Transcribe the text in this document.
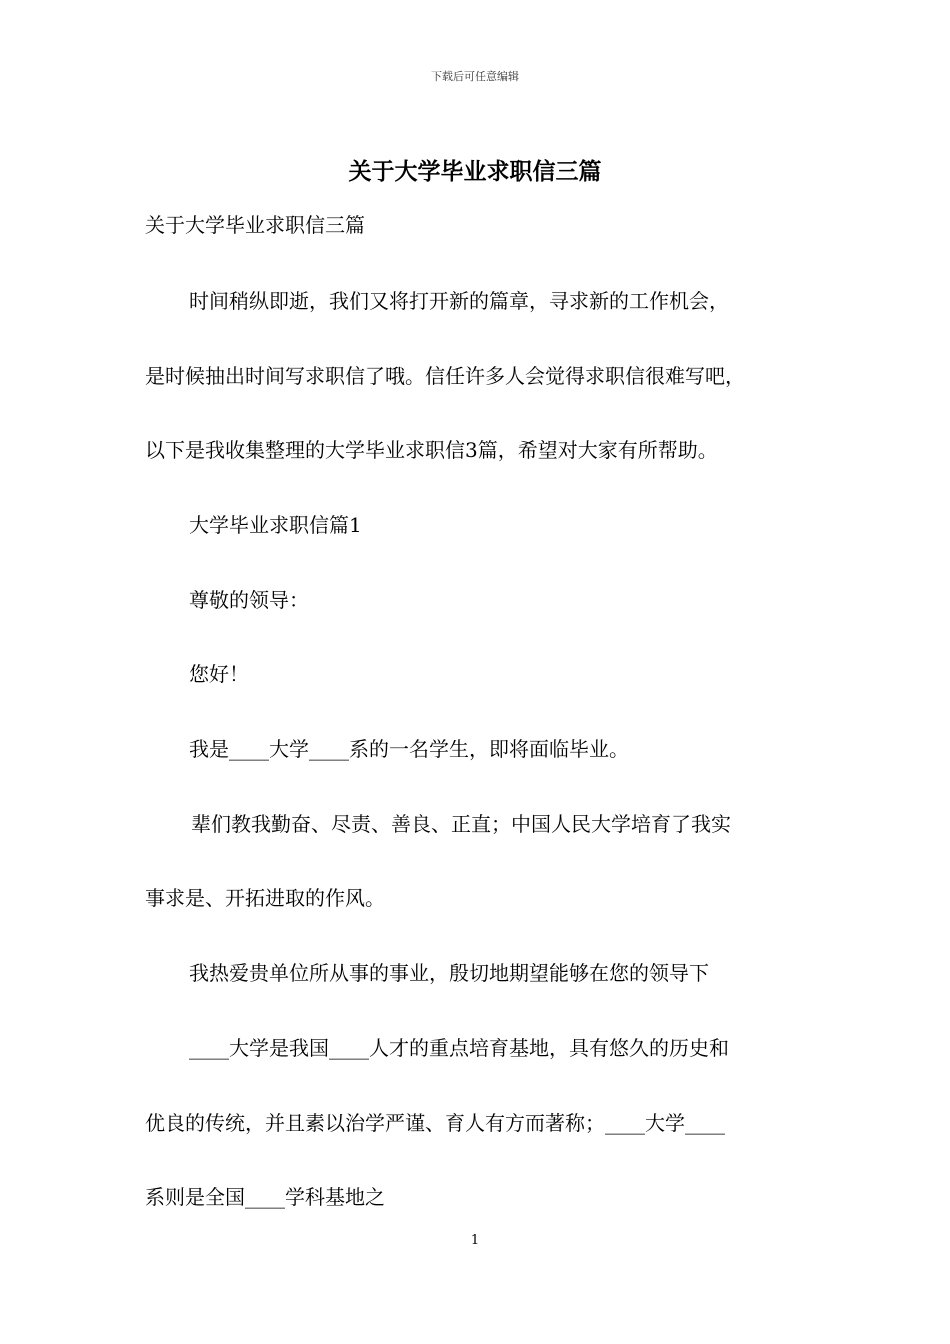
下载后可任意编辑
关于大学毕业求职信三篇
关于大学毕业求职信三篇
时间稍纵即逝，我们又将打开新的篇章，寻求新的工作机会，
是时候抽出时间写求职信了哦。信任许多人会觉得求职信很难写吧，
以下是我收集整理的大学毕业求职信3篇，希望对大家有所帮助。
大学毕业求职信篇1
尊敬的领导：
您好！
我是____大学____系的一名学生，即将面临毕业。
辈们教我勤奋、尽责、善良、正直；中国人民大学培育了我实
事求是、开拓进取的作风。
我热爱贵单位所从事的事业，殷切地期望能够在您的领导下
____大学是我国____人才的重点培育基地，具有悠久的历史和
优良的传统，并且素以治学严谨、育人有方而著称；____大学____
系则是全国____学科基地之
1
